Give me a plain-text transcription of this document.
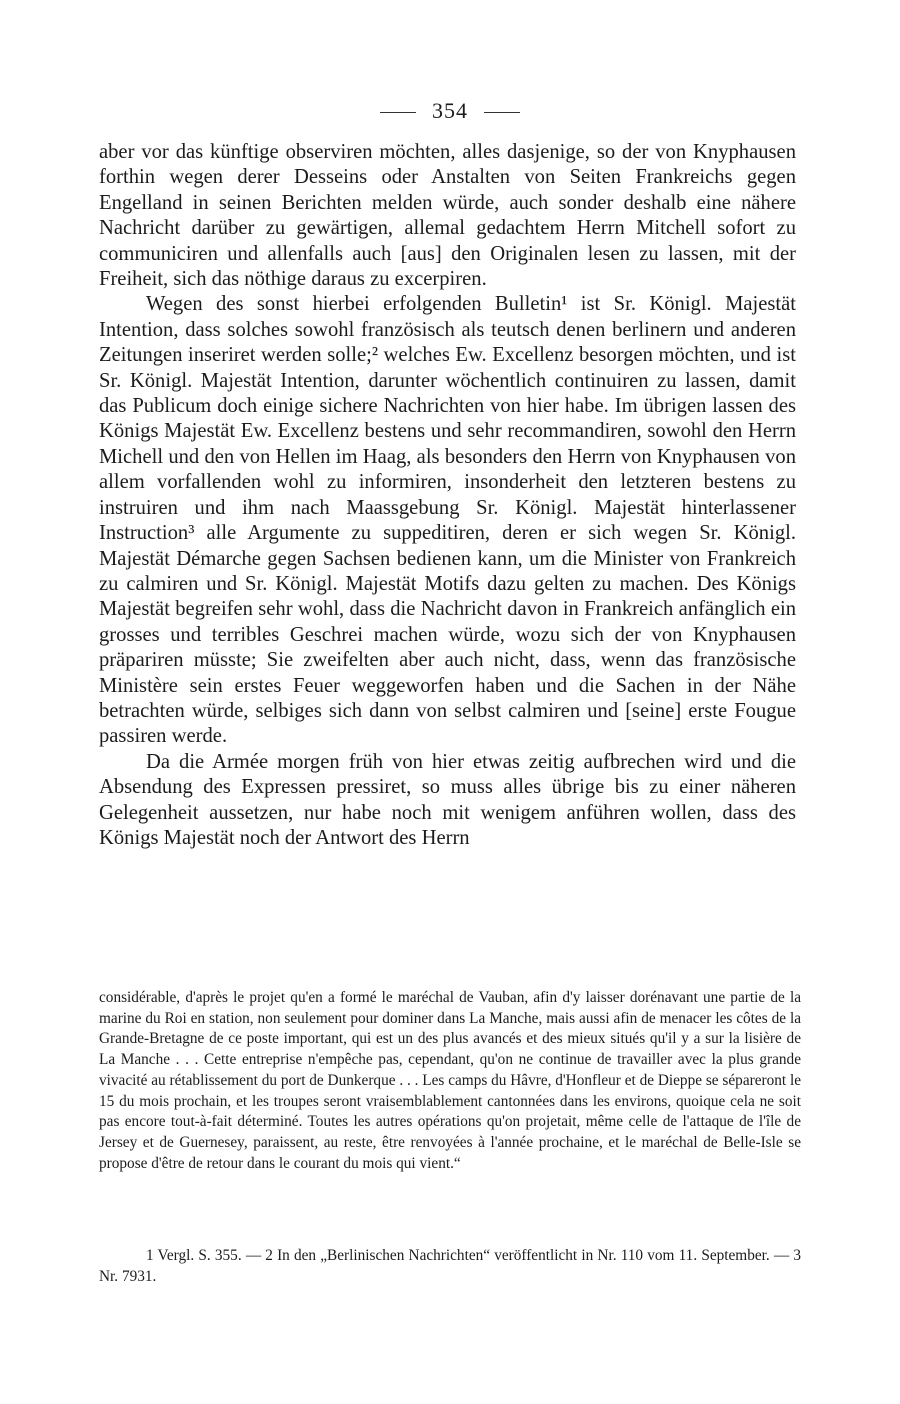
354

aber vor das künftige observiren möchten, alles dasjenige, so der von Knyphausen forthin wegen derer Desseins oder Anstalten von Seiten Frankreichs gegen Engelland in seinen Berichten melden würde, auch sonder deshalb eine nähere Nachricht darüber zu gewärtigen, allemal gedachtem Herrn Mitchell sofort zu communiciren und allenfalls auch [aus] den Originalen lesen zu lassen, mit der Freiheit, sich das nöthige daraus zu excerpiren.

Wegen des sonst hierbei erfolgenden Bulletin¹ ist Sr. Königl. Majestät Intention, dass solches sowohl französisch als teutsch denen berlinern und anderen Zeitungen inseriret werden solle;² welches Ew. Excellenz besorgen möchten, und ist Sr. Königl. Majestät Intention, darunter wöchentlich continuiren zu lassen, damit das Publicum doch einige sichere Nachrichten von hier habe. Im übrigen lassen des Königs Majestät Ew. Excellenz bestens und sehr recommandiren, sowohl den Herrn Michell und den von Hellen im Haag, als besonders den Herrn von Knyphausen von allem vorfallenden wohl zu informiren, insonderheit den letzteren bestens zu instruiren und ihm nach Maassgebung Sr. Königl. Majestät hinterlassener Instruction³ alle Argumente zu suppeditiren, deren er sich wegen Sr. Königl. Majestät Démarche gegen Sachsen bedienen kann, um die Minister von Frankreich zu calmiren und Sr. Königl. Majestät Motifs dazu gelten zu machen. Des Königs Majestät begreifen sehr wohl, dass die Nachricht davon in Frankreich anfänglich ein grosses und terribles Geschrei machen würde, wozu sich der von Knyphausen präpariren müsste; Sie zweifelten aber auch nicht, dass, wenn das französische Ministère sein erstes Feuer weggeworfen haben und die Sachen in der Nähe betrachten würde, selbiges sich dann von selbst calmiren und [seine] erste Fougue passiren werde.

Da die Armée morgen früh von hier etwas zeitig aufbrechen wird und die Absendung des Expressen pressiret, so muss alles übrige bis zu einer näheren Gelegenheit aussetzen, nur habe noch mit wenigem anführen wollen, dass des Königs Majestät noch der Antwort des Herrn

considérable, d'après le projet qu'en a formé le maréchal de Vauban, afin d'y laisser dorénavant une partie de la marine du Roi en station, non seulement pour dominer dans La Manche, mais aussi afin de menacer les côtes de la Grande-Bretagne de ce poste important, qui est un des plus avancés et des mieux situés qu'il y a sur la lisière de La Manche . . . Cette entreprise n'empêche pas, cependant, qu'on ne continue de travailler avec la plus grande vivacité au rétablissement du port de Dunkerque . . . Les camps du Hâvre, d'Honfleur et de Dieppe se sépareront le 15 du mois prochain, et les troupes seront vraisemblablement cantonnées dans les environs, quoique cela ne soit pas encore tout-à-fait déterminé. Toutes les autres opérations qu'on projetait, même celle de l'attaque de l'île de Jersey et de Guernesey, paraissent, au reste, être renvoyées à l'année prochaine, et le maréchal de Belle-Isle se propose d'être de retour dans le courant du mois qui vient.“

1 Vergl. S. 355. — 2 In den „Berlinischen Nachrichten“ veröffentlicht in Nr. 110 vom 11. September. — 3 Nr. 7931.
